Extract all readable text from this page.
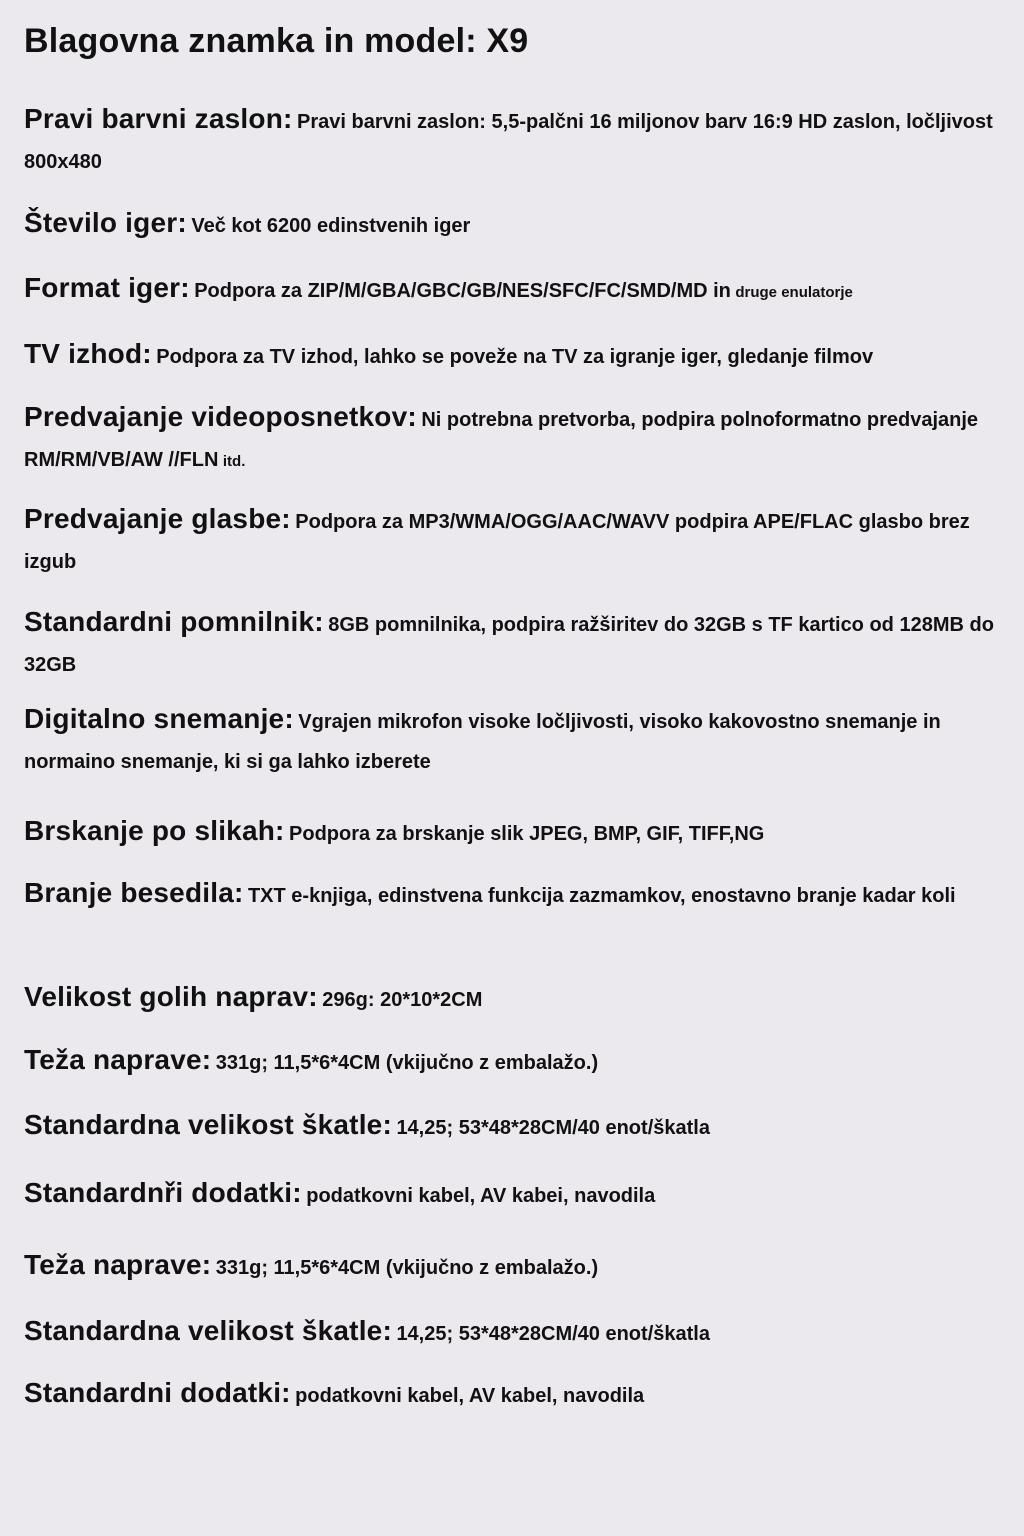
Blagovna znamka in model: X9

Pravi barvni zaslon: Pravi barvni zaslon: 5,5-palčni 16 miljonov barv 16:9 HD zaslon, ločljivost 800x480

Število iger: Več kot 6200 edinstvenih iger

Format iger: Podpora za ZIP/M/GBA/GBC/GB/NES/SFC/FC/SMD/MD in druge enulatorje

TV izhod: Podpora za TV izhod, lahko se poveže na TV za igranje iger, gledanje filmov

Predvajanje videoposnetkov: Ni potrebna pretvorba, podpira polnoformatno predvajanje RM/RM/VB/AW //FLN itd.

Predvajanje glasbe: Podpora za MP3/WMA/OGG/AAC/WAVV podpira APE/FLAC glasbo brez izgub

Standardni pomnilnik: 8GB pomnilnika, podpira ražširitev do 32GB s TF kartico od 128MB do 32GB

Digitalno snemanje: Vgrajen mikrofon visoke ločljivosti, visoko kakovostno snemanje in normaino snemanje, ki si ga lahko izberete

Brskanje po slikah: Podpora za brskanje slik JPEG, BMP, GIF, TIFF,NG

Branje besedila: TXT e-knjiga, edinstvena funkcija zazmamkov, enostavno branje kadar koli

Velikost golih naprav: 296g: 20*10*2CM

Teža naprave: 331g; 11,5*6*4CM (vkijučno z embalažo.)

Standardna velikost škatle: 14,25; 53*48*28CM/40 enot/škatla

Standardnři dodatki: podatkovni kabel, AV kabei, navodila

Teža naprave: 331g; 11,5*6*4CM (vkijučno z embalažo.)

Standardna velikost škatle: 14,25; 53*48*28CM/40 enot/škatla

Standardni dodatki: podatkovni kabel, AV kabel, navodila
